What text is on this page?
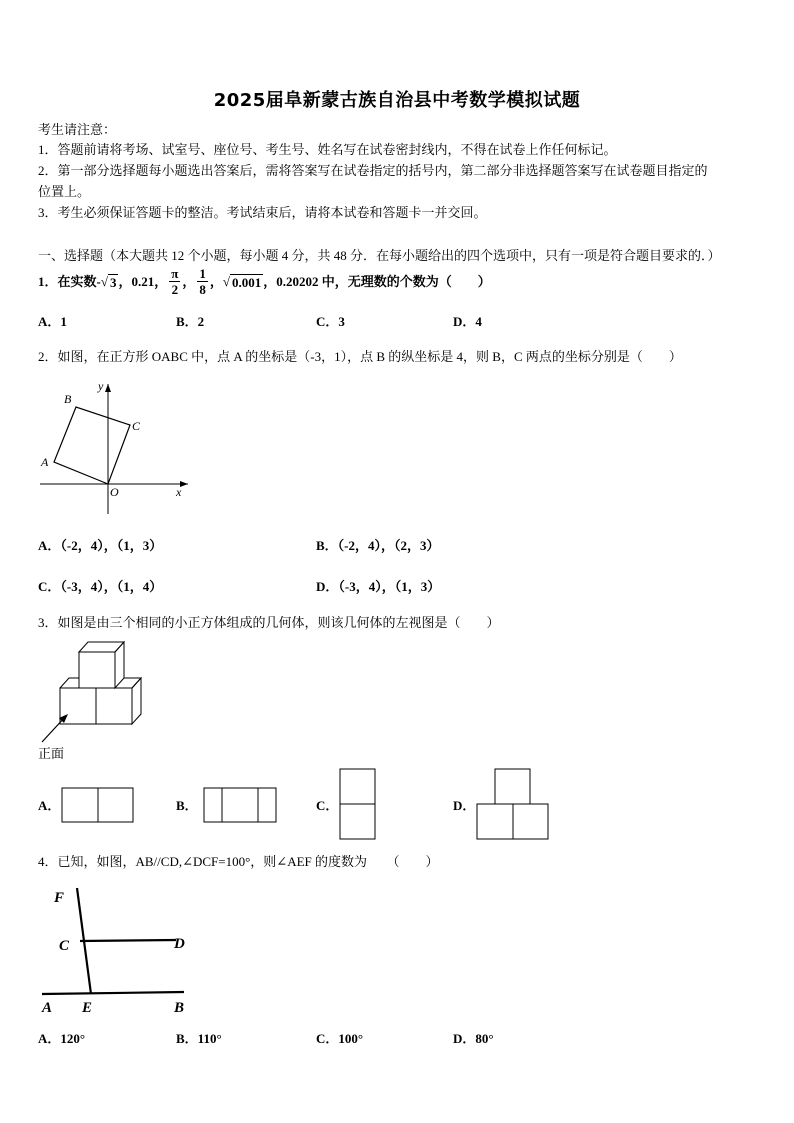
2025届阜新蒙古族自治县中考数学模拟试题
考生请注意：
1．答题前请将考场、试室号、座位号、考生号、姓名写在试卷密封线内，不得在试卷上作任何标记。
2．第一部分选择题每小题选出答案后，需将答案写在试卷指定的括号内，第二部分非选择题答案写在试卷题目指定的
位置上。
3．考生必须保证答题卡的整洁。考试结束后，请将本试卷和答题卡一并交回。
一、选择题（本大题共 12 个小题，每小题 4 分，共 48 分．在每小题给出的四个选项中，只有一项是符合题目要求的．）
1．在实数- √ 3 ，0.21， $\frac{\pi}{2}$ ， $\frac{1}{8}$ ， √ 0.001 ，0.20202 中，无理数的个数为（　　）
A．1	B．2	C．3	D．4
2．如图，在正方形 OABC 中，点 A 的坐标是（-3，1），点 B 的纵坐标是 4，则 B，C 两点的坐标分别是（　　）
B
C
A
O	x
y
A．（-2，4），（1，3）	B．（-2，4），（2，3）
C．（-3，4），（1，4）	D．（-3，4），（1，3）
3．如图是由三个相同的小正方体组成的几何体，则该几何体的左视图是（　　）
正面
A．	B．	C．	D．
4．已知，如图，AB//CD,∠DCF=100°，则∠AEF 的度数为　　（　　）
F
C	D
A E	B
A．120°	B．110°	C．100°	D．80°
